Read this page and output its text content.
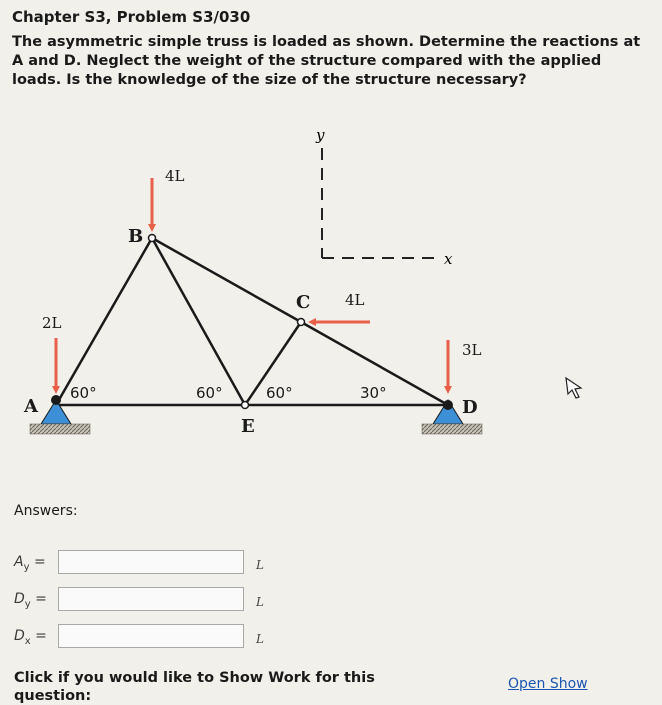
Chapter S3, Problem S3/030

The asymmetric simple truss is loaded as shown. Determine the reactions at A and D. Neglect the weight of the structure compared with the applied loads. Is the knowledge of the size of the structure necessary?

y
x
4L
4L
2L
3L
A
B
C
D
E
60°	60°	60°	30°
Answers:
$A_y$ =	L
$D_y$ =	L
$D_x$ =	L
Click if you would like to Show Work for this question:
Open Show
